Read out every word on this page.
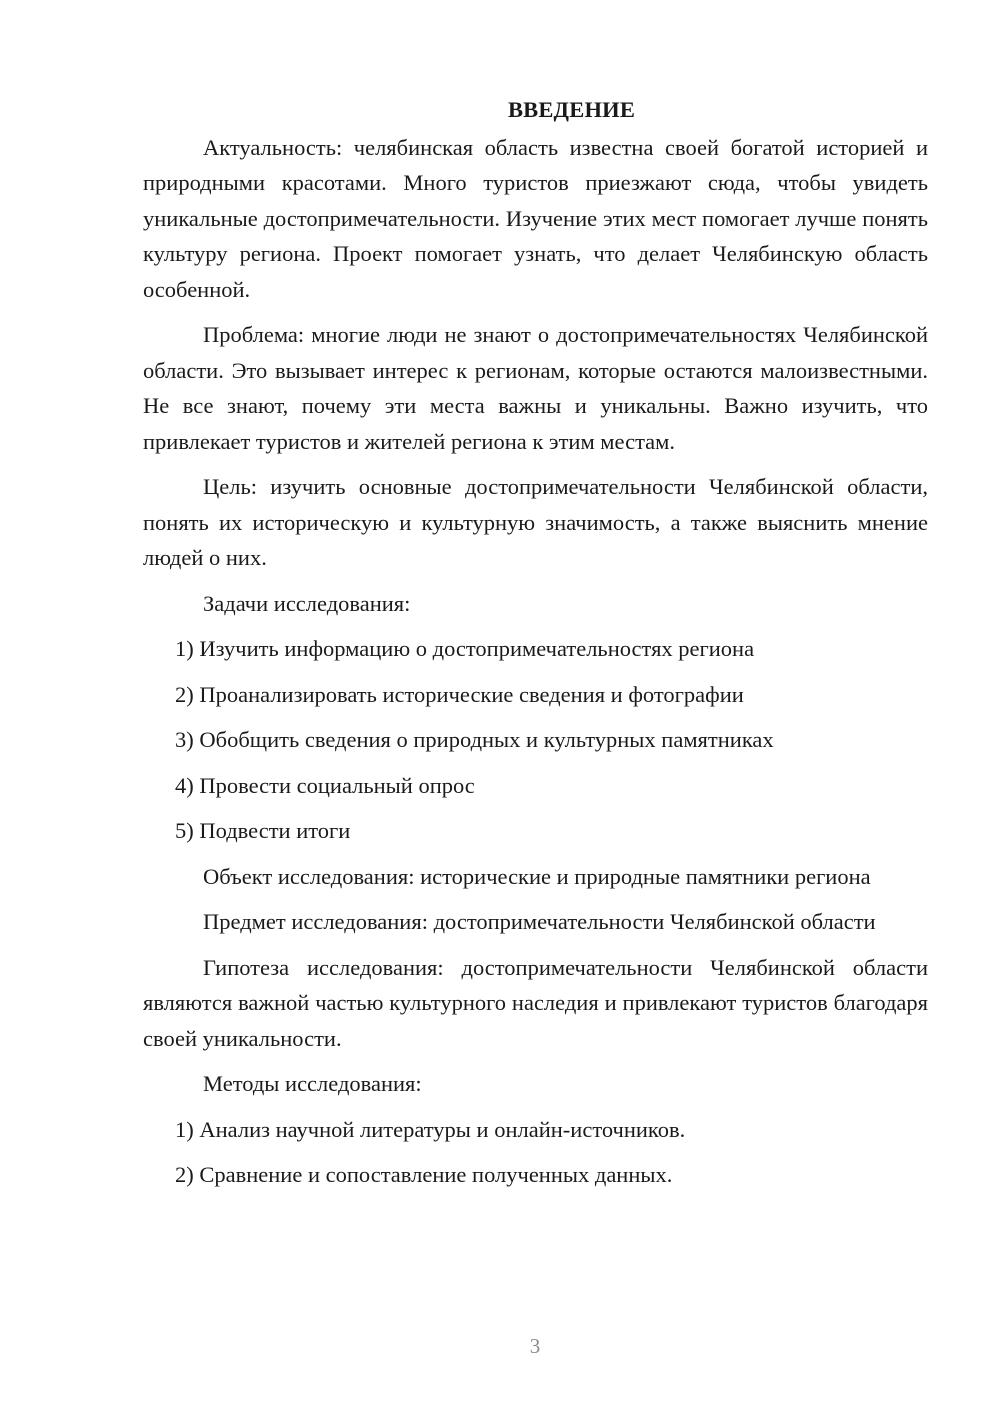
ВВЕДЕНИЕ

Актуальность: челябинская область известна своей богатой историей и природными красотами. Много туристов приезжают сюда, чтобы увидеть уникальные достопримечательности. Изучение этих мест помогает лучше понять культуру региона. Проект помогает узнать, что делает Челябинскую область особенной.

Проблема: многие люди не знают о достопримечательностях Челябинской области. Это вызывает интерес к регионам, которые остаются малоизвестными. Не все знают, почему эти места важны и уникальны. Важно изучить, что привлекает туристов и жителей региона к этим местам.

Цель: изучить основные достопримечательности Челябинской области, понять их историческую и культурную значимость, а также выяснить мнение людей о них.

Задачи исследования:
1) Изучить информацию о достопримечательностях региона
2) Проанализировать исторические сведения и фотографии
3) Обобщить сведения о природных и культурных памятниках
4) Провести социальный опрос
5) Подвести итоги

Объект исследования: исторические и природные памятники региона

Предмет исследования: достопримечательности Челябинской области

Гипотеза исследования: достопримечательности Челябинской области являются важной частью культурного наследия и привлекают туристов благодаря своей уникальности.

Методы исследования:
1) Анализ научной литературы и онлайн-источников.
2) Сравнение и сопоставление полученных данных.
3
